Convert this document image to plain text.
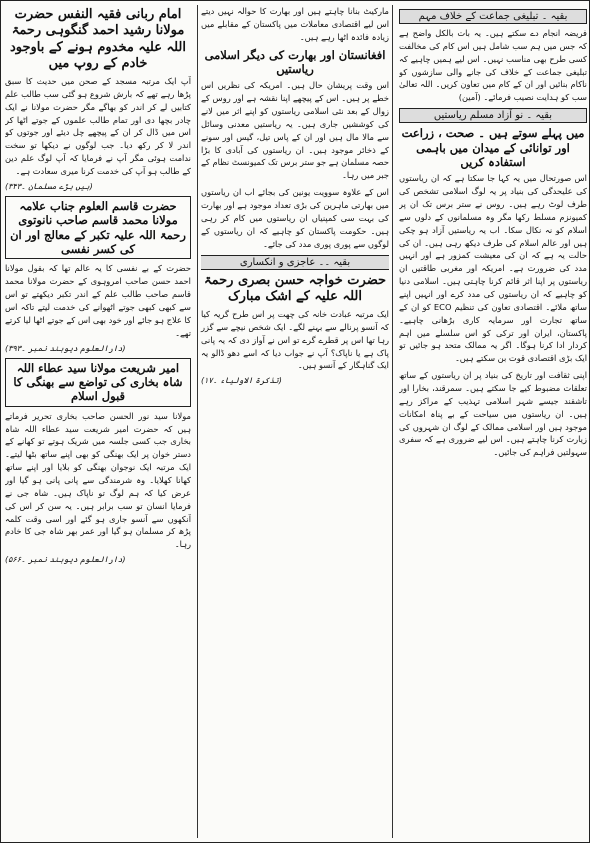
امام ربانی فقیہ النفس حضرت مولانا رشید احمد گنگوہی رحمۃ اللہ علیہ مخدوم ہونے کے باوجود خادم کے روپ میں

آپ ایک مرتبہ مسجد کے صحن میں حدیث کا سبق پڑھا رہے تھے کہ بارش شروع ہو گئی سب طالب علم کتابیں لے کر اندر کو بھاگے مگر حضرت مولانا نے ایک چادر بچھا دی اور تمام طالب علموں کے جوتے اٹھا کر اس میں ڈال کر ان کے پیچھے چل دیئے اور جوتوں کو اندر لا کر رکھ دیا۔ جب لوگوں نے دیکھا تو سخت ندامت ہوئی مگر آپ نے فرمایا کہ آپ لوگ علم دین کے طالب ہو آپ کی خدمت کرنا میری سعادت ہے۔

(بیں بڑے مسلمان ۔۳۴۳)

حضرت قاسم العلوم جناب علامہ مولانا محمد قاسم صاحب نانوتوی رحمۃ اللہ علیہ تکبر کے معالج اور ان کی کسر نفسی

حضرت کے بے نفسی کا یہ عالم تھا کہ بقول مولانا احمد حسن صاحب امروہوی کے حضرت مولانا محمد قاسم صاحب طالب علم کے اندر تکبر دیکھتے تو اس سے کبھی کبھی جوتے اٹھوانے کی خدمت لیتے تاکہ اس کا علاج ہو جائے اور خود بھی اس کے جوتے اٹھا لیا کرتے تھے۔

(دارالعلوم دیوبند نمبر ۔۳۹۳)

امیر شریعت مولانا سید عطاء اللہ شاہ بخاری کی تواضع سے بھنگی کا قبول اسلام

مولانا سید نور الحسن صاحب بخاری تحریر فرماتے ہیں کہ حضرت امیر شریعت سید عطاء اللہ شاہ بخاری جب کسی جلسہ میں شریک ہوتے تو کھانے کے دستر خوان پر ایک بھنگی کو بھی اپنے ساتھ بٹھا لیتے۔ ایک مرتبہ ایک نوجوان بھنگی کو بلایا اور اپنے ساتھ کھانا کھلایا۔ وہ شرمندگی سے پانی پانی ہو گیا اور عرض کیا کہ ہم لوگ تو ناپاک ہیں۔ شاہ جی نے فرمایا انسان تو سب برابر ہیں۔ یہ سن کر اس کی آنکھوں سے آنسو جاری ہو گئے اور اسی وقت کلمہ پڑھ کر مسلمان ہو گیا اور عمر بھر شاہ جی کا خادم رہا۔

(دارالعلوم دیوبند نمبر ۔۵۶۶)

مارکیٹ بنانا چاہتے ہیں اور بھارت کا حوالہ نہیں دیتے اس لیے اقتصادی معاملات میں پاکستان کے مقابلے میں زیادہ فائدہ اٹھا رہے ہیں۔

افغانستان اور بھارت کی دیگر اسلامی ریاستیں

اس وقت پریشان حال ہیں۔ امریکہ کی نظریں اس خطے پر ہیں۔ اس کے پیچھے اپنا نقشہ ہے اور روس کے زوال کے بعد نئی اسلامی ریاستوں کو اپنے اثر میں لانے کی کوششیں جاری ہیں۔ یہ ریاستیں معدنی وسائل سے مالا مال ہیں اور ان کے پاس تیل، گیس اور سونے کے ذخائر موجود ہیں۔ ان ریاستوں کی آبادی کا بڑا حصہ مسلمان ہے جو ستر برس تک کمیونسٹ نظام کے جبر میں رہا۔

اس کے علاوہ سوویت یونین کی بجائے اب ان ریاستوں میں بھارتی ماہرین کی بڑی تعداد موجود ہے اور بھارت کی بہت سی کمپنیاں ان ریاستوں میں کام کر رہی ہیں۔ حکومت پاکستان کو چاہیے کہ ان ریاستوں کے لوگوں سے پوری پوری مدد کی جائے۔

بقیہ ۔۔ عاجزی و انکساری
حضرت خواجہ حسن بصری رحمۃ اللہ علیہ کے اشک مبارک

ایک مرتبہ عبادت خانہ کی چھت پر اس طرح گریہ کیا کہ آنسو پرنالے سے بہنے لگے۔ ایک شخص نیچے سے گزر رہا تھا اس پر قطرے گرے تو اس نے آواز دی کہ یہ پانی پاک ہے یا ناپاک؟ آپ نے جواب دیا کہ اسے دھو ڈالو یہ ایک گناہگار کے آنسو ہیں۔

(تذکرۃ الاولیاء ۔۱۷)

بقیہ ۔ تبلیغی جماعت کے خلاف مہم

فریضہ انجام دے سکتے ہیں۔ یہ بات بالکل واضح ہے کہ جس میں ہم سب شامل ہیں اس کام کی مخالفت کسی طرح بھی مناسب نہیں۔ اس لیے ہمیں چاہیے کہ تبلیغی جماعت کے خلاف کی جانے والی سازشوں کو ناکام بنائیں اور ان کے کام میں تعاون کریں۔ اللہ تعالیٰ سب کو ہدایت نصیب فرمائے۔ (آمین)

بقیہ ۔ نو آزاد مسلم ریاستیں
میں پہلے سوتے ہیں ۔ صحت ، زراعت اور توانائی کے میدان میں باہمی استفادہ کریں

اس صورتحال میں یہ کہا جا سکتا ہے کہ ان ریاستوں کی علیحدگی کی بنیاد پر یہ لوگ اسلامی تشخص کی طرف لوٹ رہے ہیں۔ روس نے ستر برس تک ان پر کمیونزم مسلط رکھا مگر وہ مسلمانوں کے دلوں سے اسلام کو نہ نکال سکا۔ اب یہ ریاستیں آزاد ہو چکی ہیں اور عالم اسلام کی طرف دیکھ رہی ہیں۔ ان کی حالت یہ ہے کہ ان کی معیشت کمزور ہے اور انہیں مدد کی ضرورت ہے۔ امریکہ اور مغربی طاقتیں ان ریاستوں پر اپنا اثر قائم کرنا چاہتی ہیں۔ اسلامی دنیا کو چاہیے کہ ان ریاستوں کی مدد کرے اور انہیں اپنے ساتھ ملائے۔ اقتصادی تعاون کی تنظیم ECO کو ان کے ساتھ تجارت اور سرمایہ کاری بڑھانی چاہیے۔ پاکستان، ایران اور ترکی کو اس سلسلے میں اہم کردار ادا کرنا ہوگا۔ اگر یہ ممالک متحد ہو جائیں تو ایک بڑی اقتصادی قوت بن سکتے ہیں۔

اپنی ثقافت اور تاریخ کی بنیاد پر ان ریاستوں کے ساتھ تعلقات مضبوط کیے جا سکتے ہیں۔ سمرقند، بخارا اور تاشقند جیسے شہر اسلامی تہذیب کے مراکز رہے ہیں۔ ان ریاستوں میں سیاحت کے بے پناہ امکانات موجود ہیں اور اسلامی ممالک کے لوگ ان شہروں کی زیارت کرنا چاہتے ہیں۔ اس لیے ضروری ہے کہ سفری سہولتیں فراہم کی جائیں۔
